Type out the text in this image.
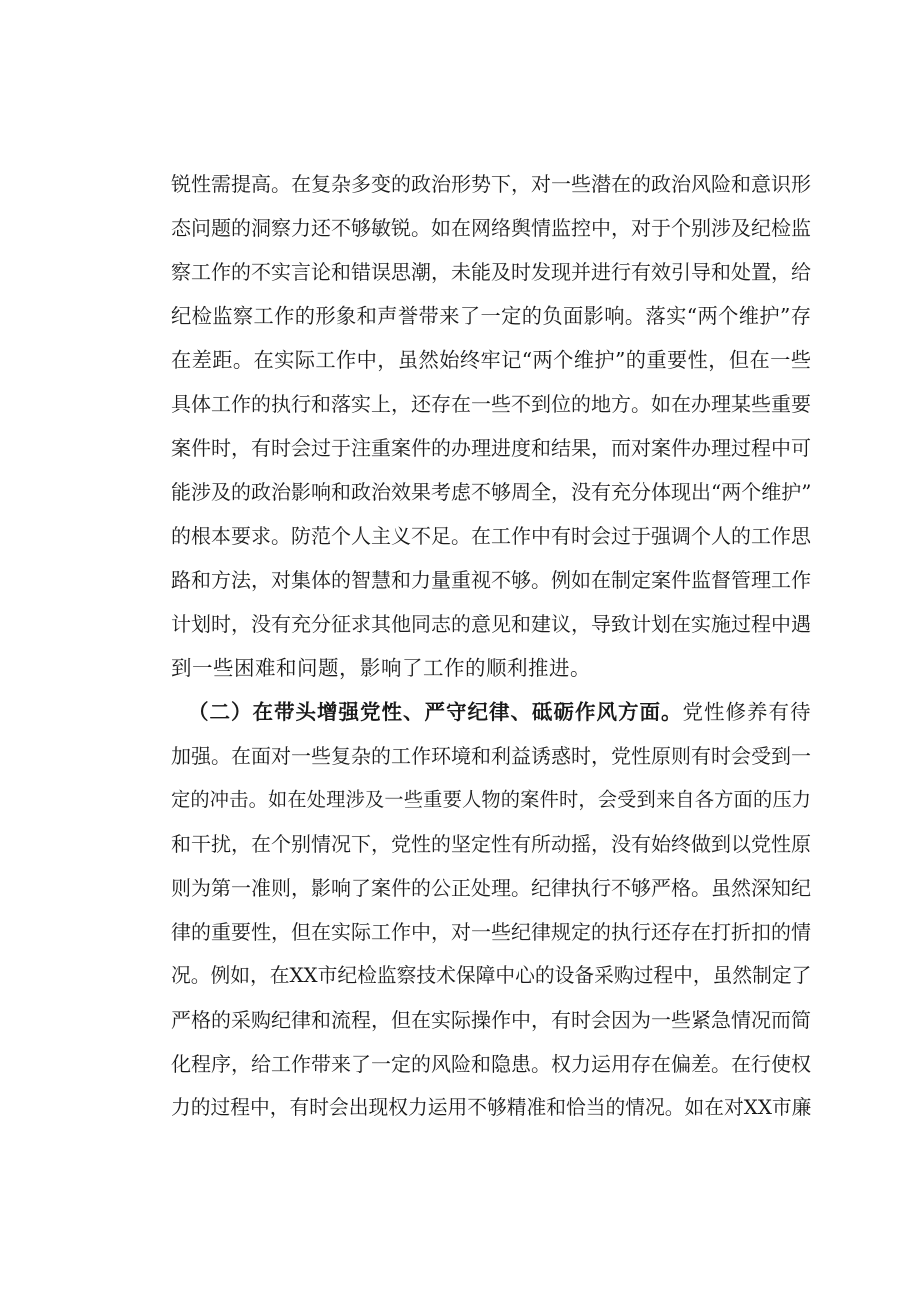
锐性需提高。在复杂多变的政治形势下，对一些潜在的政治风险和意识形
态问题的洞察力还不够敏锐。如在网络舆情监控中，对于个别涉及纪检监
察工作的不实言论和错误思潮，未能及时发现并进行有效引导和处置，给
纪检监察工作的形象和声誉带来了一定的负面影响。落实“两个维护”存
在差距。在实际工作中，虽然始终牢记“两个维护”的重要性，但在一些
具体工作的执行和落实上，还存在一些不到位的地方。如在办理某些重要
案件时，有时会过于注重案件的办理进度和结果，而对案件办理过程中可
能涉及的政治影响和政治效果考虑不够周全，没有充分体现出“两个维护”
的根本要求。防范个人主义不足。在工作中有时会过于强调个人的工作思
路和方法，对集体的智慧和力量重视不够。例如在制定案件监督管理工作
计划时，没有充分征求其他同志的意见和建议，导致计划在实施过程中遇
到一些困难和问题，影响了工作的顺利推进。
（二）在带头增强党性、严守纪律、砥砺作风方面。党性修养有待
加强。在面对一些复杂的工作环境和利益诱惑时，党性原则有时会受到一
定的冲击。如在处理涉及一些重要人物的案件时，会受到来自各方面的压力
和干扰，在个别情况下，党性的坚定性有所动摇，没有始终做到以党性原
则为第一准则，影响了案件的公正处理。纪律执行不够严格。虽然深知纪
律的重要性，但在实际工作中，对一些纪律规定的执行还存在打折扣的情
况。例如，在XX市纪检监察技术保障中心的设备采购过程中，虽然制定了
严格的采购纪律和流程，但在实际操作中，有时会因为一些紧急情况而简
化程序，给工作带来了一定的风险和隐患。权力运用存在偏差。在行使权
力的过程中，有时会出现权力运用不够精准和恰当的情况。如在对XX市廉
